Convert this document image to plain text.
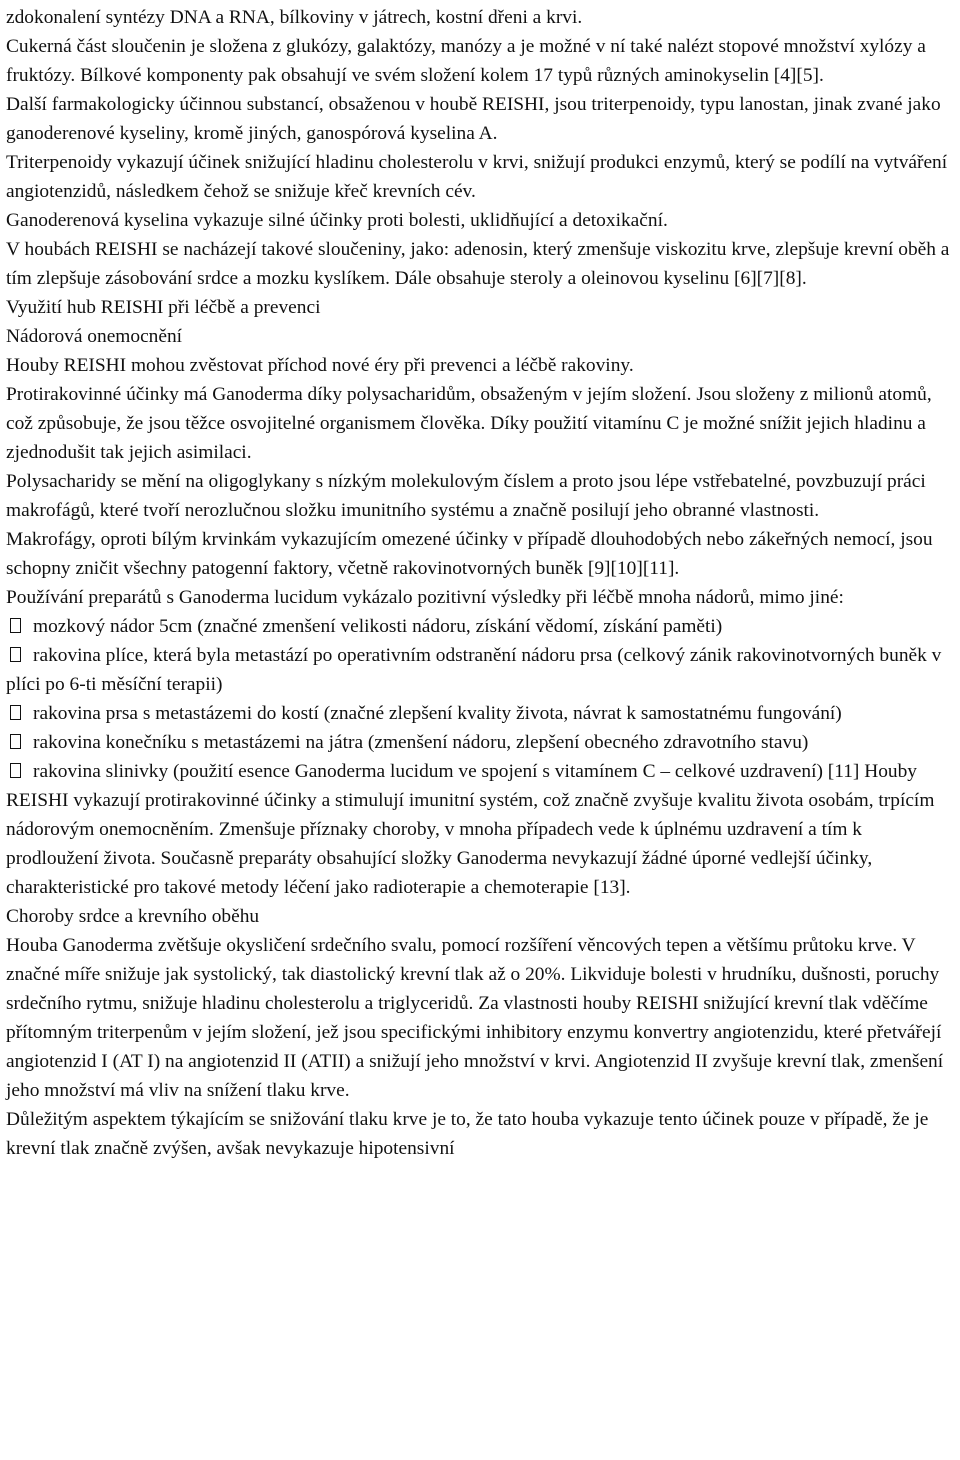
zdokonalení syntézy DNA a RNA, bílkoviny v játrech, kostní dřeni a krvi.

Cukerná část sloučenin je složena z glukózy, galaktózy, manózy a je možné v ní také nalézt stopové množství xylózy a fruktózy. Bílkové komponenty pak obsahují ve svém složení kolem 17 typů různých aminokyselin [4][5].

Další farmakologicky účinnou substancí, obsaženou v houbě REISHI, jsou triterpenoidy, typu lanostan, jinak zvané jako ganoderenové kyseliny, kromě jiných, ganospórová kyselina A.

Triterpenoidy vykazují účinek snižující hladinu cholesterolu v krvi, snižují produkci enzymů, který se podílí na vytváření angiotenzidů, následkem čehož se snižuje křeč krevních cév.

Ganoderenová kyselina vykazuje silné účinky proti bolesti, uklidňující a detoxikační.

V houbách REISHI se nacházejí takové sloučeniny, jako: adenosin, který zmenšuje viskozitu krve, zlepšuje krevní oběh a tím zlepšuje zásobování srdce a mozku kyslíkem. Dále obsahuje steroly a oleinovou kyselinu [6][7][8].

Využití hub REISHI při léčbě a prevenci

Nádorová onemocnění

Houby REISHI mohou zvěstovat příchod nové éry při prevenci a léčbě rakoviny.

Protirakovinné účinky má Ganoderma díky polysacharidům, obsaženým v jejím složení. Jsou složeny z milionů atomů, což způsobuje, že jsou těžce osvojitelné organismem člověka. Díky použití vitamínu C je možné snížit jejich hladinu a zjednodušit tak jejich asimilaci.

Polysacharidy se mění na oligoglykany s nízkým molekulovým číslem a proto jsou lépe vstřebatelné, povzbuzují práci makrofágů, které tvoří nerozlučnou složku imunitního systému a značně posilují jeho obranné vlastnosti.

Makrofágy, oproti bílým krvinkám vykazujícím omezené účinky v případě dlouhodobých nebo zákeřných nemocí, jsou schopny zničit všechny patogenní faktory, včetně rakovinotvorných buněk [9][10][11].

Používání preparátů s Ganoderma lucidum vykázalo pozitivní výsledky při léčbě mnoha nádorů, mimo jiné:

mozkový nádor 5cm (značné zmenšení velikosti nádoru, získání vědomí, získání paměti)

rakovina plíce, která byla metastází po operativním odstranění nádoru prsa (celkový zánik rakovinotvorných buněk v plíci po 6-ti měsíční terapii)

rakovina prsa s metastázemi do kostí (značné zlepšení kvality života, návrat k samostatnému fungování)

rakovina konečníku s metastázemi na játra (zmenšení nádoru, zlepšení obecného zdravotního stavu)

rakovina slinivky (použití esence Ganoderma lucidum ve spojení s vitamínem C – celkové uzdravení) [11] Houby REISHI vykazují protirakovinné účinky a stimulují imunitní systém, což značně zvyšuje kvalitu života osobám, trpícím nádorovým onemocněním. Zmenšuje příznaky choroby, v mnoha případech vede k úplnému uzdravení a tím k prodloužení života. Současně preparáty obsahující složky Ganoderma nevykazují žádné úporné vedlejší účinky, charakteristické pro takové metody léčení jako radioterapie a chemoterapie [13].

Choroby srdce a krevního oběhu

Houba Ganoderma zvětšuje okysličení srdečního svalu, pomocí rozšíření věncových tepen a většímu průtoku krve. V značné míře snižuje jak systolický, tak diastolický krevní tlak až o 20%. Likviduje bolesti v hrudníku, dušnosti, poruchy srdečního rytmu, snižuje hladinu cholesterolu a triglyceridů. Za vlastnosti houby REISHI snižující krevní tlak vděčíme přítomným triterpenům v jejím složení, jež jsou specifickými inhibitory enzymu konvertry angiotenzidu, které přetvářejí angiotenzid I (AT I) na angiotenzid II (ATII) a snižují jeho množství v krvi. Angiotenzid II zvyšuje krevní tlak, zmenšení jeho množství má vliv na snížení tlaku krve.

Důležitým aspektem týkajícím se snižování tlaku krve je to, že tato houba vykazuje tento účinek pouze v případě, že je krevní tlak značně zvýšen, avšak nevykazuje hipotensivní
